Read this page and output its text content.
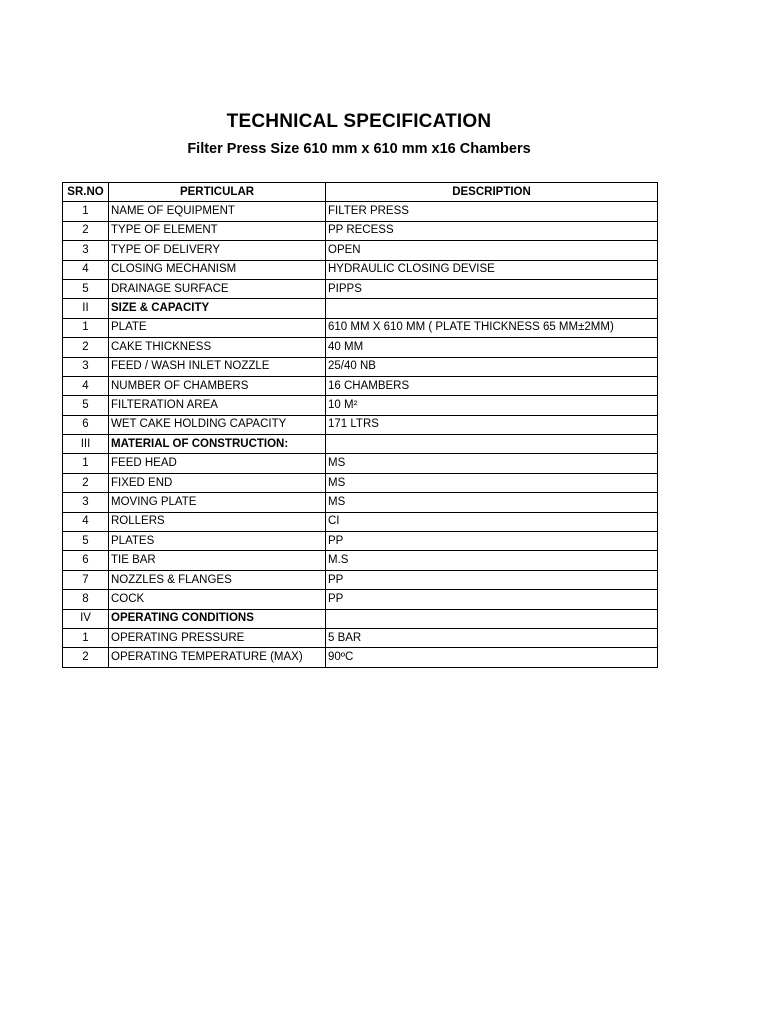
TECHNICAL SPECIFICATION
Filter Press Size 610 mm x 610 mm x16 Chambers
SR.NO	PERTICULAR	DESCRIPTION
1	NAME OF EQUIPMENT	FILTER PRESS
2	TYPE OF ELEMENT	PP RECESS
3	TYPE OF DELIVERY	OPEN
4	CLOSING MECHANISM	HYDRAULIC CLOSING DEVISE
5	DRAINAGE SURFACE	PIPPS
II	SIZE & CAPACITY	
1	PLATE	610 MM X 610 MM ( PLATE THICKNESS 65 MM±2MM)
2	CAKE THICKNESS	40 MM
3	FEED / WASH INLET NOZZLE	25/40 NB
4	NUMBER OF CHAMBERS	16 CHAMBERS
5	FILTERATION AREA	10 M²
6	WET CAKE HOLDING CAPACITY	171 LTRS
III	MATERIAL OF CONSTRUCTION:	
1	FEED HEAD	MS
2	FIXED END	MS
3	MOVING PLATE	MS
4	ROLLERS	CI
5	PLATES	PP
6	TIE BAR	M.S
7	NOZZLES & FLANGES	PP
8	COCK	PP
IV	OPERATING CONDITIONS	
1	OPERATING PRESSURE	5 BAR
2	OPERATING TEMPERATURE (MAX)	90ºC
